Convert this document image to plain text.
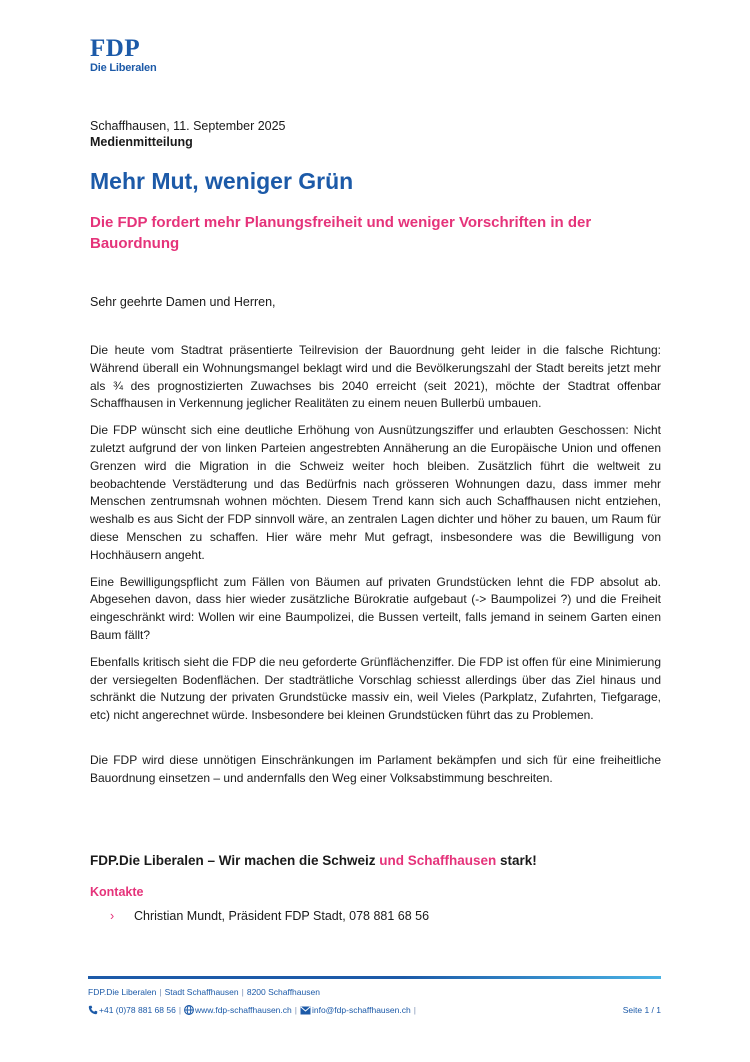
FDP
Die Liberalen
Schaffhausen, 11. September 2025
Medienmitteilung
Mehr Mut, weniger Grün
Die FDP fordert mehr Planungsfreiheit und weniger Vorschriften in der Bauordnung
Sehr geehrte Damen und Herren,

Die heute vom Stadtrat präsentierte Teilrevision der Bauordnung geht leider in die falsche Richtung: Während überall ein Wohnungsmangel beklagt wird und die Bevölkerungszahl der Stadt bereits jetzt mehr als ¾ des prognostizierten Zuwachses bis 2040 erreicht (seit 2021), möchte der Stadtrat offenbar Schaffhausen in Verkennung jeglicher Realitäten zu einem neuen Bullerbü umbauen.

Die FDP wünscht sich eine deutliche Erhöhung von Ausnützungsziffer und erlaubten Geschossen: Nicht zuletzt aufgrund der von linken Parteien angestrebten Annäherung an die Europäische Union und offenen Grenzen wird die Migration in die Schweiz weiter hoch bleiben. Zusätzlich führt die weltweit zu beobachtende Verstädterung und das Bedürfnis nach grösseren Wohnungen dazu, dass immer mehr Menschen zentrumsnah wohnen möchten. Diesem Trend kann sich auch Schaffhausen nicht entziehen, weshalb es aus Sicht der FDP sinnvoll wäre, an zentralen Lagen dichter und höher zu bauen, um Raum für diese Menschen zu schaffen. Hier wäre mehr Mut gefragt, insbesondere was die Bewilligung von Hochhäusern angeht.

Eine Bewilligungspflicht zum Fällen von Bäumen auf privaten Grundstücken lehnt die FDP absolut ab. Abgesehen davon, dass hier wieder zusätzliche Bürokratie aufgebaut (-> Baumpolizei ?) und die Freiheit eingeschränkt wird: Wollen wir eine Baumpolizei, die Bussen verteilt, falls jemand in seinem Garten einen Baum fällt?

Ebenfalls kritisch sieht die FDP die neu geforderte Grünflächenziffer. Die FDP ist offen für eine Minimierung der versiegelten Bodenflächen. Der stadträtliche Vorschlag schiesst allerdings über das Ziel hinaus und schränkt die Nutzung der privaten Grundstücke massiv ein, weil Vieles (Parkplatz, Zufahrten, Tiefgarage, etc) nicht angerechnet würde. Insbesondere bei kleinen Grundstücken führt das zu Problemen.

Die FDP wird diese unnötigen Einschränkungen im Parlament bekämpfen und sich für eine freiheitliche Bauordnung einsetzen – und andernfalls den Weg einer Volksabstimmung beschreiten.

FDP.Die Liberalen – Wir machen die Schweiz und Schaffhausen stark!
Kontakte
› Christian Mundt, Präsident FDP Stadt, 078 881 68 56
FDP.Die Liberalen | Stadt Schaffhausen | 8200 Schaffhausen
+41 (0)78 881 68 56 | www.fdp-schaffhausen.ch | info@fdp-schaffhausen.ch |	Seite 1 / 1
